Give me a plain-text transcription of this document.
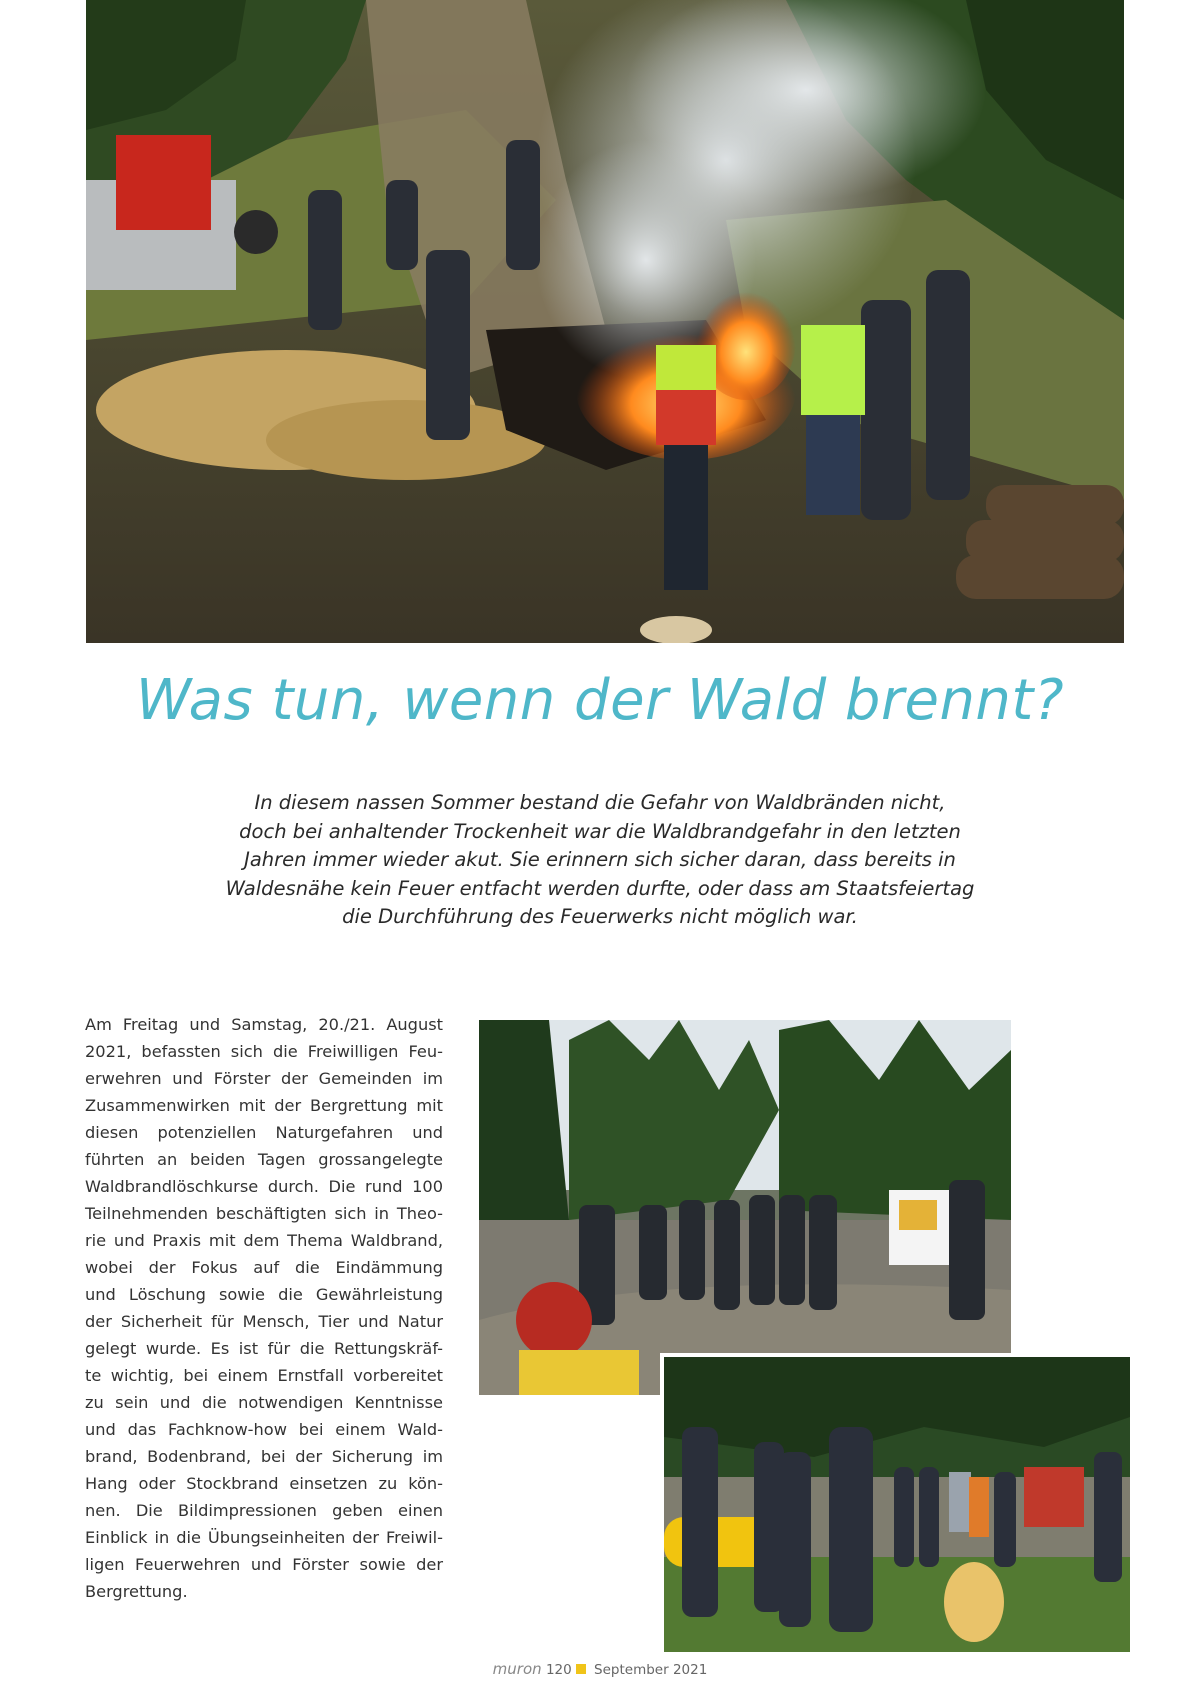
Was tun, wenn der Wald brennt?

In diesem nassen Sommer bestand die Gefahr von Waldbränden nicht,
doch bei anhaltender Trockenheit war die Waldbrandgefahr in den letzten
Jahren immer wieder akut. Sie erinnern sich sicher daran, dass bereits in
Waldesnähe kein Feuer entfacht werden durfte, oder dass am Staatsfeiertag
die Durchführung des Feuerwerks nicht möglich war.

Am Freitag und Samstag, 20./21. August
2021, befassten sich die Freiwilligen Feu-
erwehren und Förster der Gemeinden im
Zusammenwirken mit der Bergrettung mit
diesen potenziellen Naturgefahren und
führten an beiden Tagen grossangelegte
Waldbrandlöschkurse durch. Die rund 100
Teilnehmenden beschäftigten sich in Theo-
rie und Praxis mit dem Thema Waldbrand,
wobei der Fokus auf die Eindämmung
und Löschung sowie die Gewährleistung
der Sicherheit für Mensch, Tier und Natur
gelegt wurde. Es ist für die Rettungskräf-
te wichtig, bei einem Ernstfall vorbereitet
zu sein und die notwendigen Kenntnisse
und das Fachknow-how bei einem Wald-
brand, Bodenbrand, bei der Sicherung im
Hang oder Stockbrand einsetzen zu kön-
nen. Die Bildimpressionen geben einen
Einblick in die Übungseinheiten der Freiwil-
ligen Feuerwehren und Förster sowie der
Bergrettung.

muron 120 September 2021
